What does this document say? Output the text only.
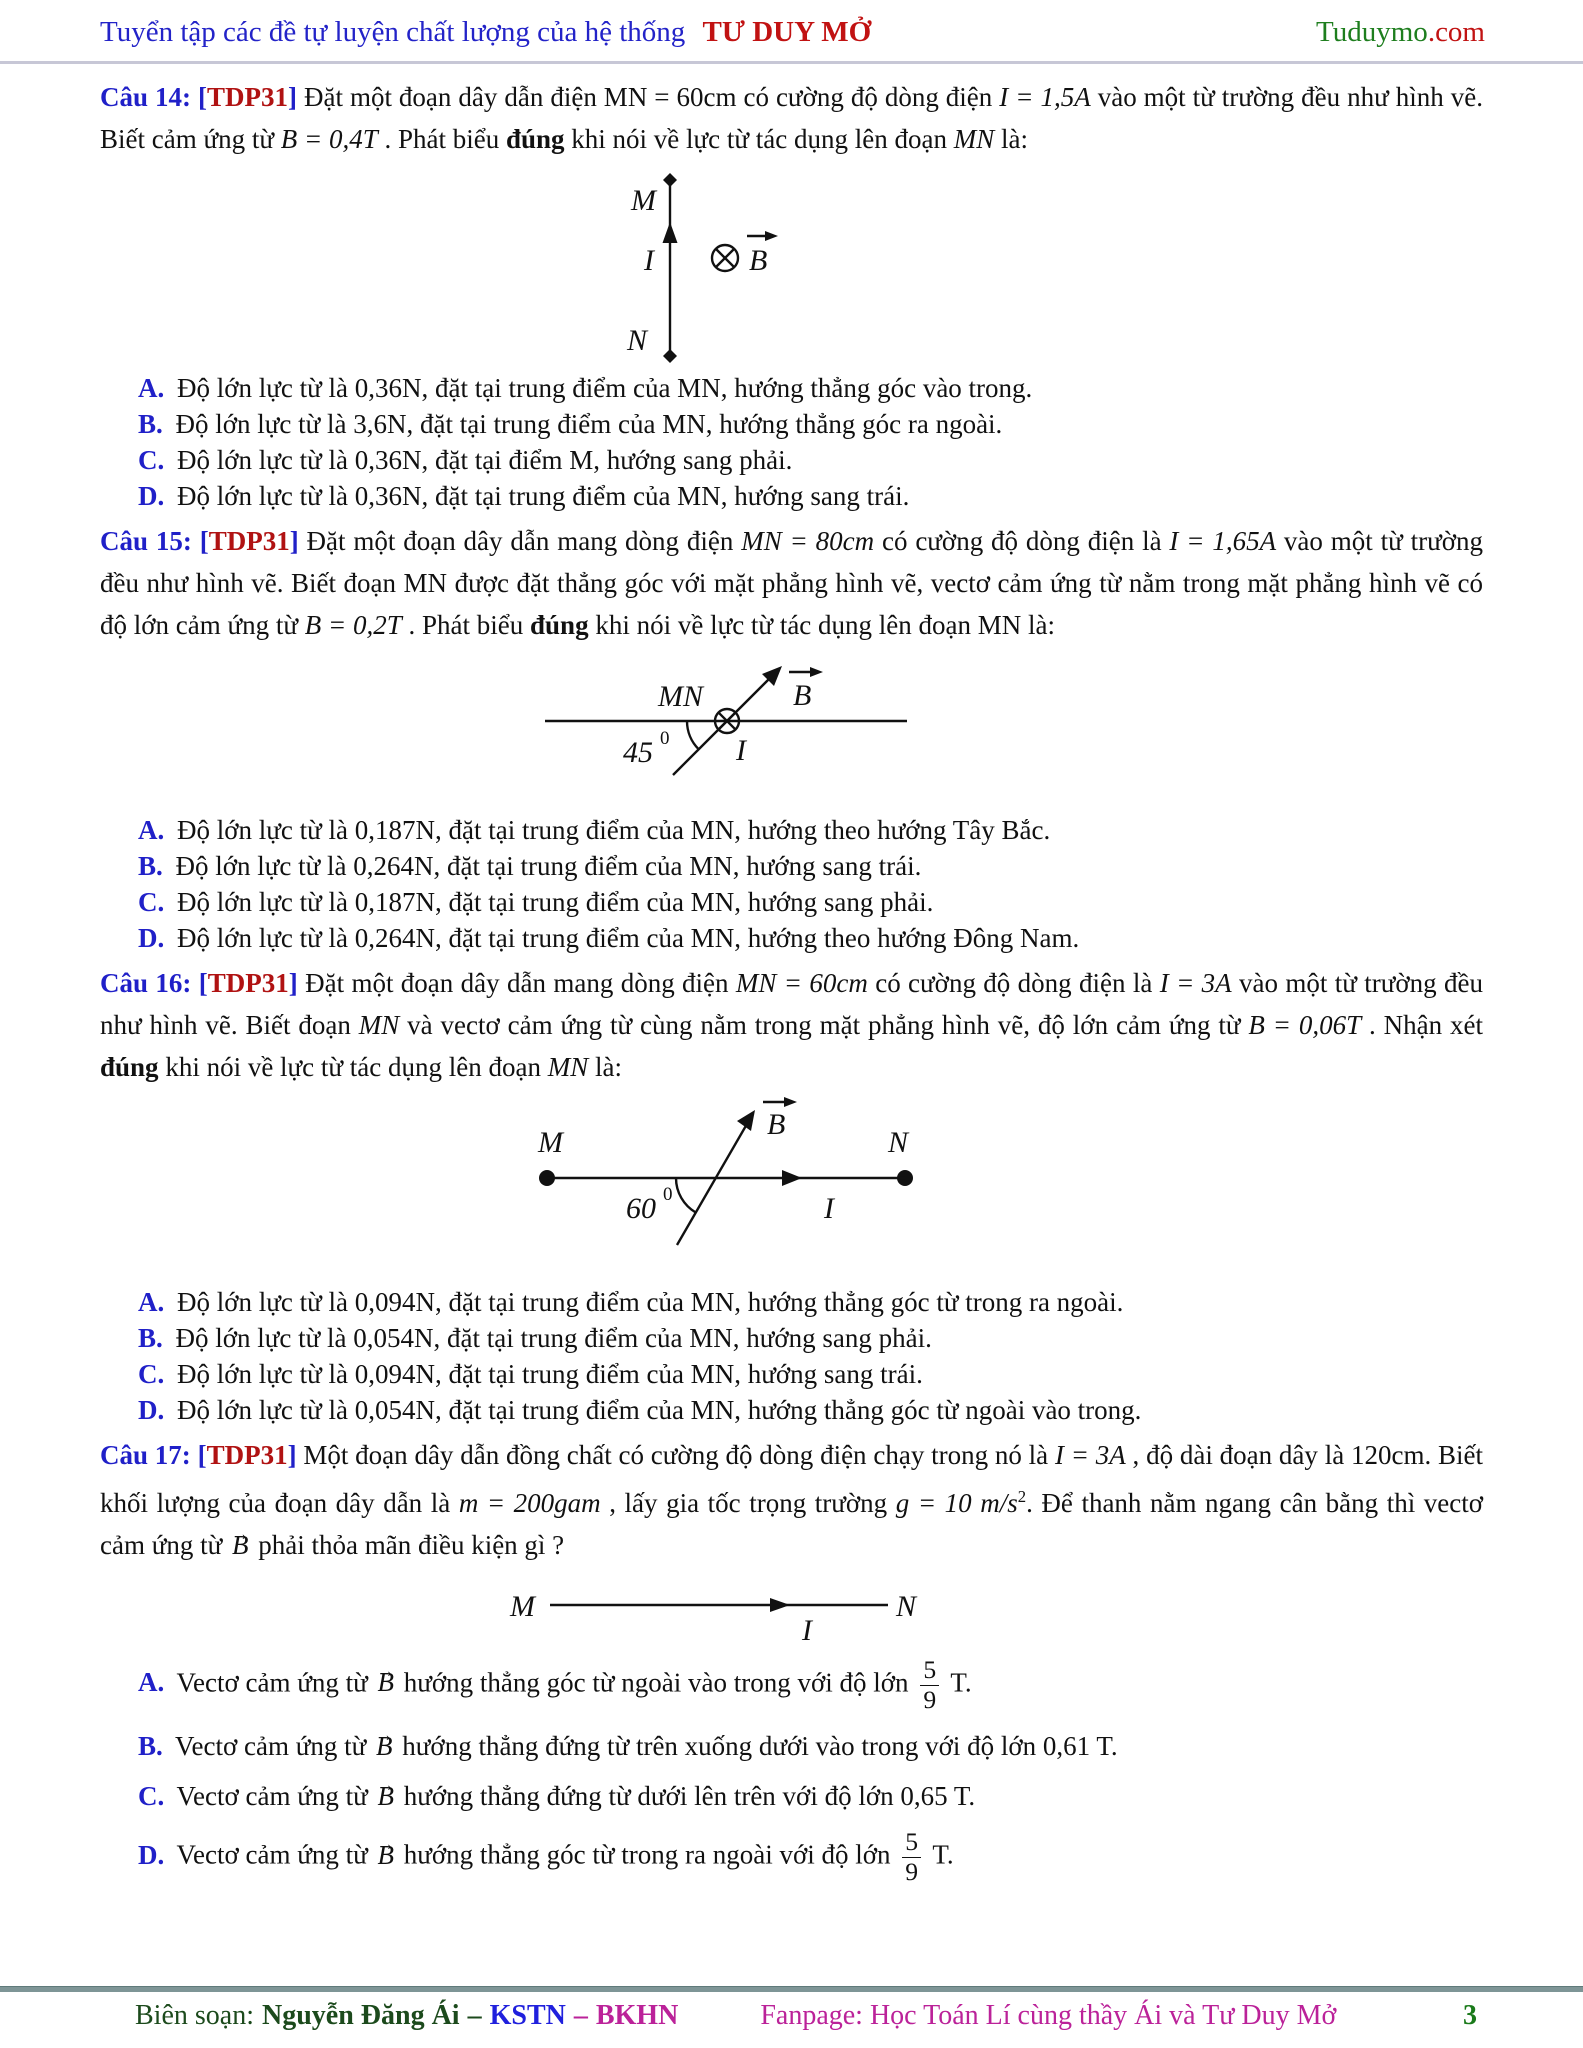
Tuyển tập các đề tự luyện chất lượng của hệ thống TƯ DUY MỞ	Tuduymo.com

Câu 14: [TDP31] Đặt một đoạn dây dẫn điện MN = 60cm có cường độ dòng điện I = 1,5A vào một từ trường đều như hình vẽ. Biết cảm ứng từ B = 0,4T . Phát biểu đúng khi nói về lực từ tác dụng lên đoạn MN là:

M
I
N
B
A. Độ lớn lực từ là 0,36N, đặt tại trung điểm của MN, hướng thẳng góc vào trong.
B. Độ lớn lực từ là 3,6N, đặt tại trung điểm của MN, hướng thẳng góc ra ngoài.
C. Độ lớn lực từ là 0,36N, đặt tại điểm M, hướng sang phải.
D. Độ lớn lực từ là 0,36N, đặt tại trung điểm của MN, hướng sang trái.

Câu 15: [TDP31] Đặt một đoạn dây dẫn mang dòng điện MN = 80cm có cường độ dòng điện là I = 1,65A vào một từ trường đều như hình vẽ. Biết đoạn MN được đặt thẳng góc với mặt phẳng hình vẽ, vectơ cảm ứng từ nằm trong mặt phẳng hình vẽ có độ lớn cảm ứng từ B = 0,2T . Phát biểu đúng khi nói về lực từ tác dụng lên đoạn MN là:

MN	B
45 0 I
A. Độ lớn lực từ là 0,187N, đặt tại trung điểm của MN, hướng theo hướng Tây Bắc.
B. Độ lớn lực từ là 0,264N, đặt tại trung điểm của MN, hướng sang trái.
C. Độ lớn lực từ là 0,187N, đặt tại trung điểm của MN, hướng sang phải.
D. Độ lớn lực từ là 0,264N, đặt tại trung điểm của MN, hướng theo hướng Đông Nam.

Câu 16: [TDP31] Đặt một đoạn dây dẫn mang dòng điện MN = 60cm có cường độ dòng điện là I = 3A vào một từ trường đều như hình vẽ. Biết đoạn MN và vectơ cảm ứng từ cùng nằm trong mặt phẳng hình vẽ, độ lớn cảm ứng từ B = 0,06T . Nhận xét đúng khi nói về lực từ tác dụng lên đoạn MN là:

M	N
I
B
60 0
A. Độ lớn lực từ là 0,094N, đặt tại trung điểm của MN, hướng thẳng góc từ trong ra ngoài.
B. Độ lớn lực từ là 0,054N, đặt tại trung điểm của MN, hướng sang phải.
C. Độ lớn lực từ là 0,094N, đặt tại trung điểm của MN, hướng sang trái.
D. Độ lớn lực từ là 0,054N, đặt tại trung điểm của MN, hướng thẳng góc từ ngoài vào trong.

Câu 17: [TDP31] Một đoạn dây dẫn đồng chất có cường độ dòng điện chạy trong nó là I = 3A , độ dài đoạn dây là 120cm. Biết khối lượng của đoạn dây dẫn là m = 200gam , lấy gia tốc trọng trường g = 10 $m/s^2$. Để thanh nằm ngang cân bằng thì vectơ cảm ứng từ B → phải thỏa mãn điều kiện gì ?

M
I
N
A. Vectơ cảm ứng từ B → hướng thẳng góc từ ngoài vào trong với độ lớn $\frac{5}{9} T$.
B. Vectơ cảm ứng từ B → hướng thẳng đứng từ trên xuống dưới vào trong với độ lớn 0,61 T.
C. Vectơ cảm ứng từ B → hướng thẳng đứng từ dưới lên trên với độ lớn 0,65 T.
D. Vectơ cảm ứng từ B → hướng thẳng góc từ trong ra ngoài với độ lớn $\frac{5}{9} T$.
Biên soạn: Nguyễn Đăng Ái – KSTN – BKHN	Fanpage: Học Toán Lí cùng thầy Ái và Tư Duy Mở	3
